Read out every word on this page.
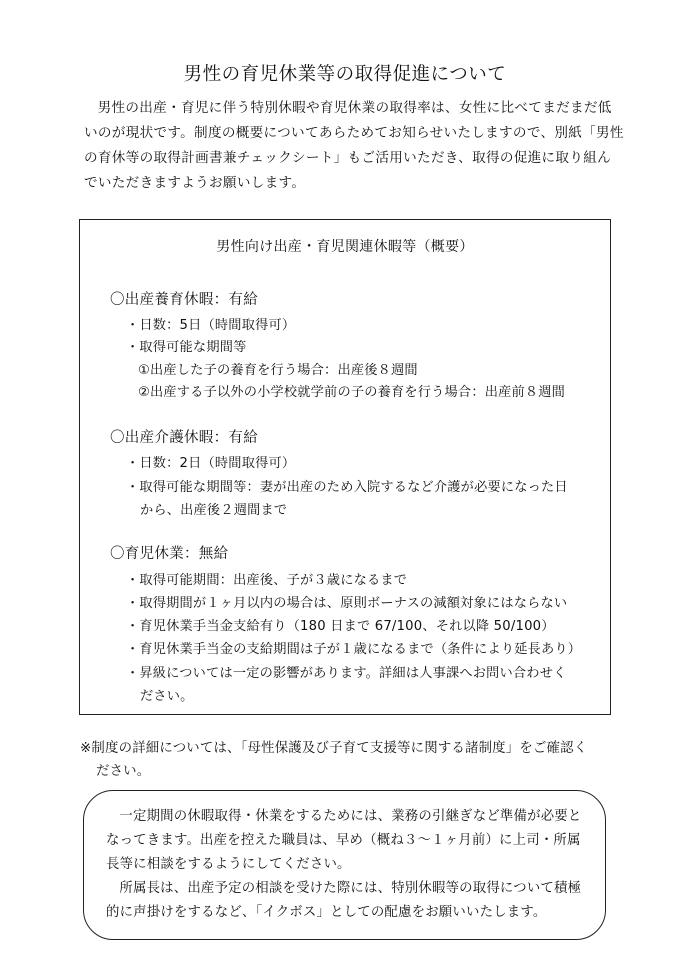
男性の育児休業等の取得促進について

男性の出産・育児に伴う特別休暇や育児休業の取得率は、女性に比べてまだまだ低いのが現状です。制度の概要についてあらためてお知らせいたしますので、別紙「男性の育休等の取得計画書兼チェックシート」もご活用いただき、取得の促進に取り組んでいただきますようお願いします。

男性向け出産・育児関連休暇等（概要）
〇出産養育休暇：有給
・日数：5日（時間取得可）
・取得可能な期間等
①出産した子の養育を行う場合：出産後８週間
②出産する子以外の小学校就学前の子の養育を行う場合：出産前８週間
〇出産介護休暇：有給
・日数：2日（時間取得可）
・取得可能な期間等：妻が出産のため入院するなど介護が必要になった日
から、出産後２週間まで
〇育児休業：無給
・取得可能期間：出産後、子が３歳になるまで
・取得期間が１ヶ月以内の場合は、原則ボーナスの減額対象にはならない
・育児休業手当金支給有り（180 日まで 67/100、それ以降 50/100）
・育児休業手当金の支給期間は子が１歳になるまで（条件により延長あり）
・昇級については一定の影響があります。詳細は人事課へお問い合わせく
ださい。
※制度の詳細については、「母性保護及び子育て支援等に関する諸制度」をご確認く
ださい。

一定期間の休暇取得・休業をするためには、業務の引継ぎなど準備が必要となってきます。出産を控えた職員は、早め（概ね３～１ヶ月前）に上司・所属長等に相談をするようにしてください。

所属長は、出産予定の相談を受けた際には、特別休暇等の取得について積極的に声掛けをするなど、「イクボス」としての配慮をお願いいたします。
